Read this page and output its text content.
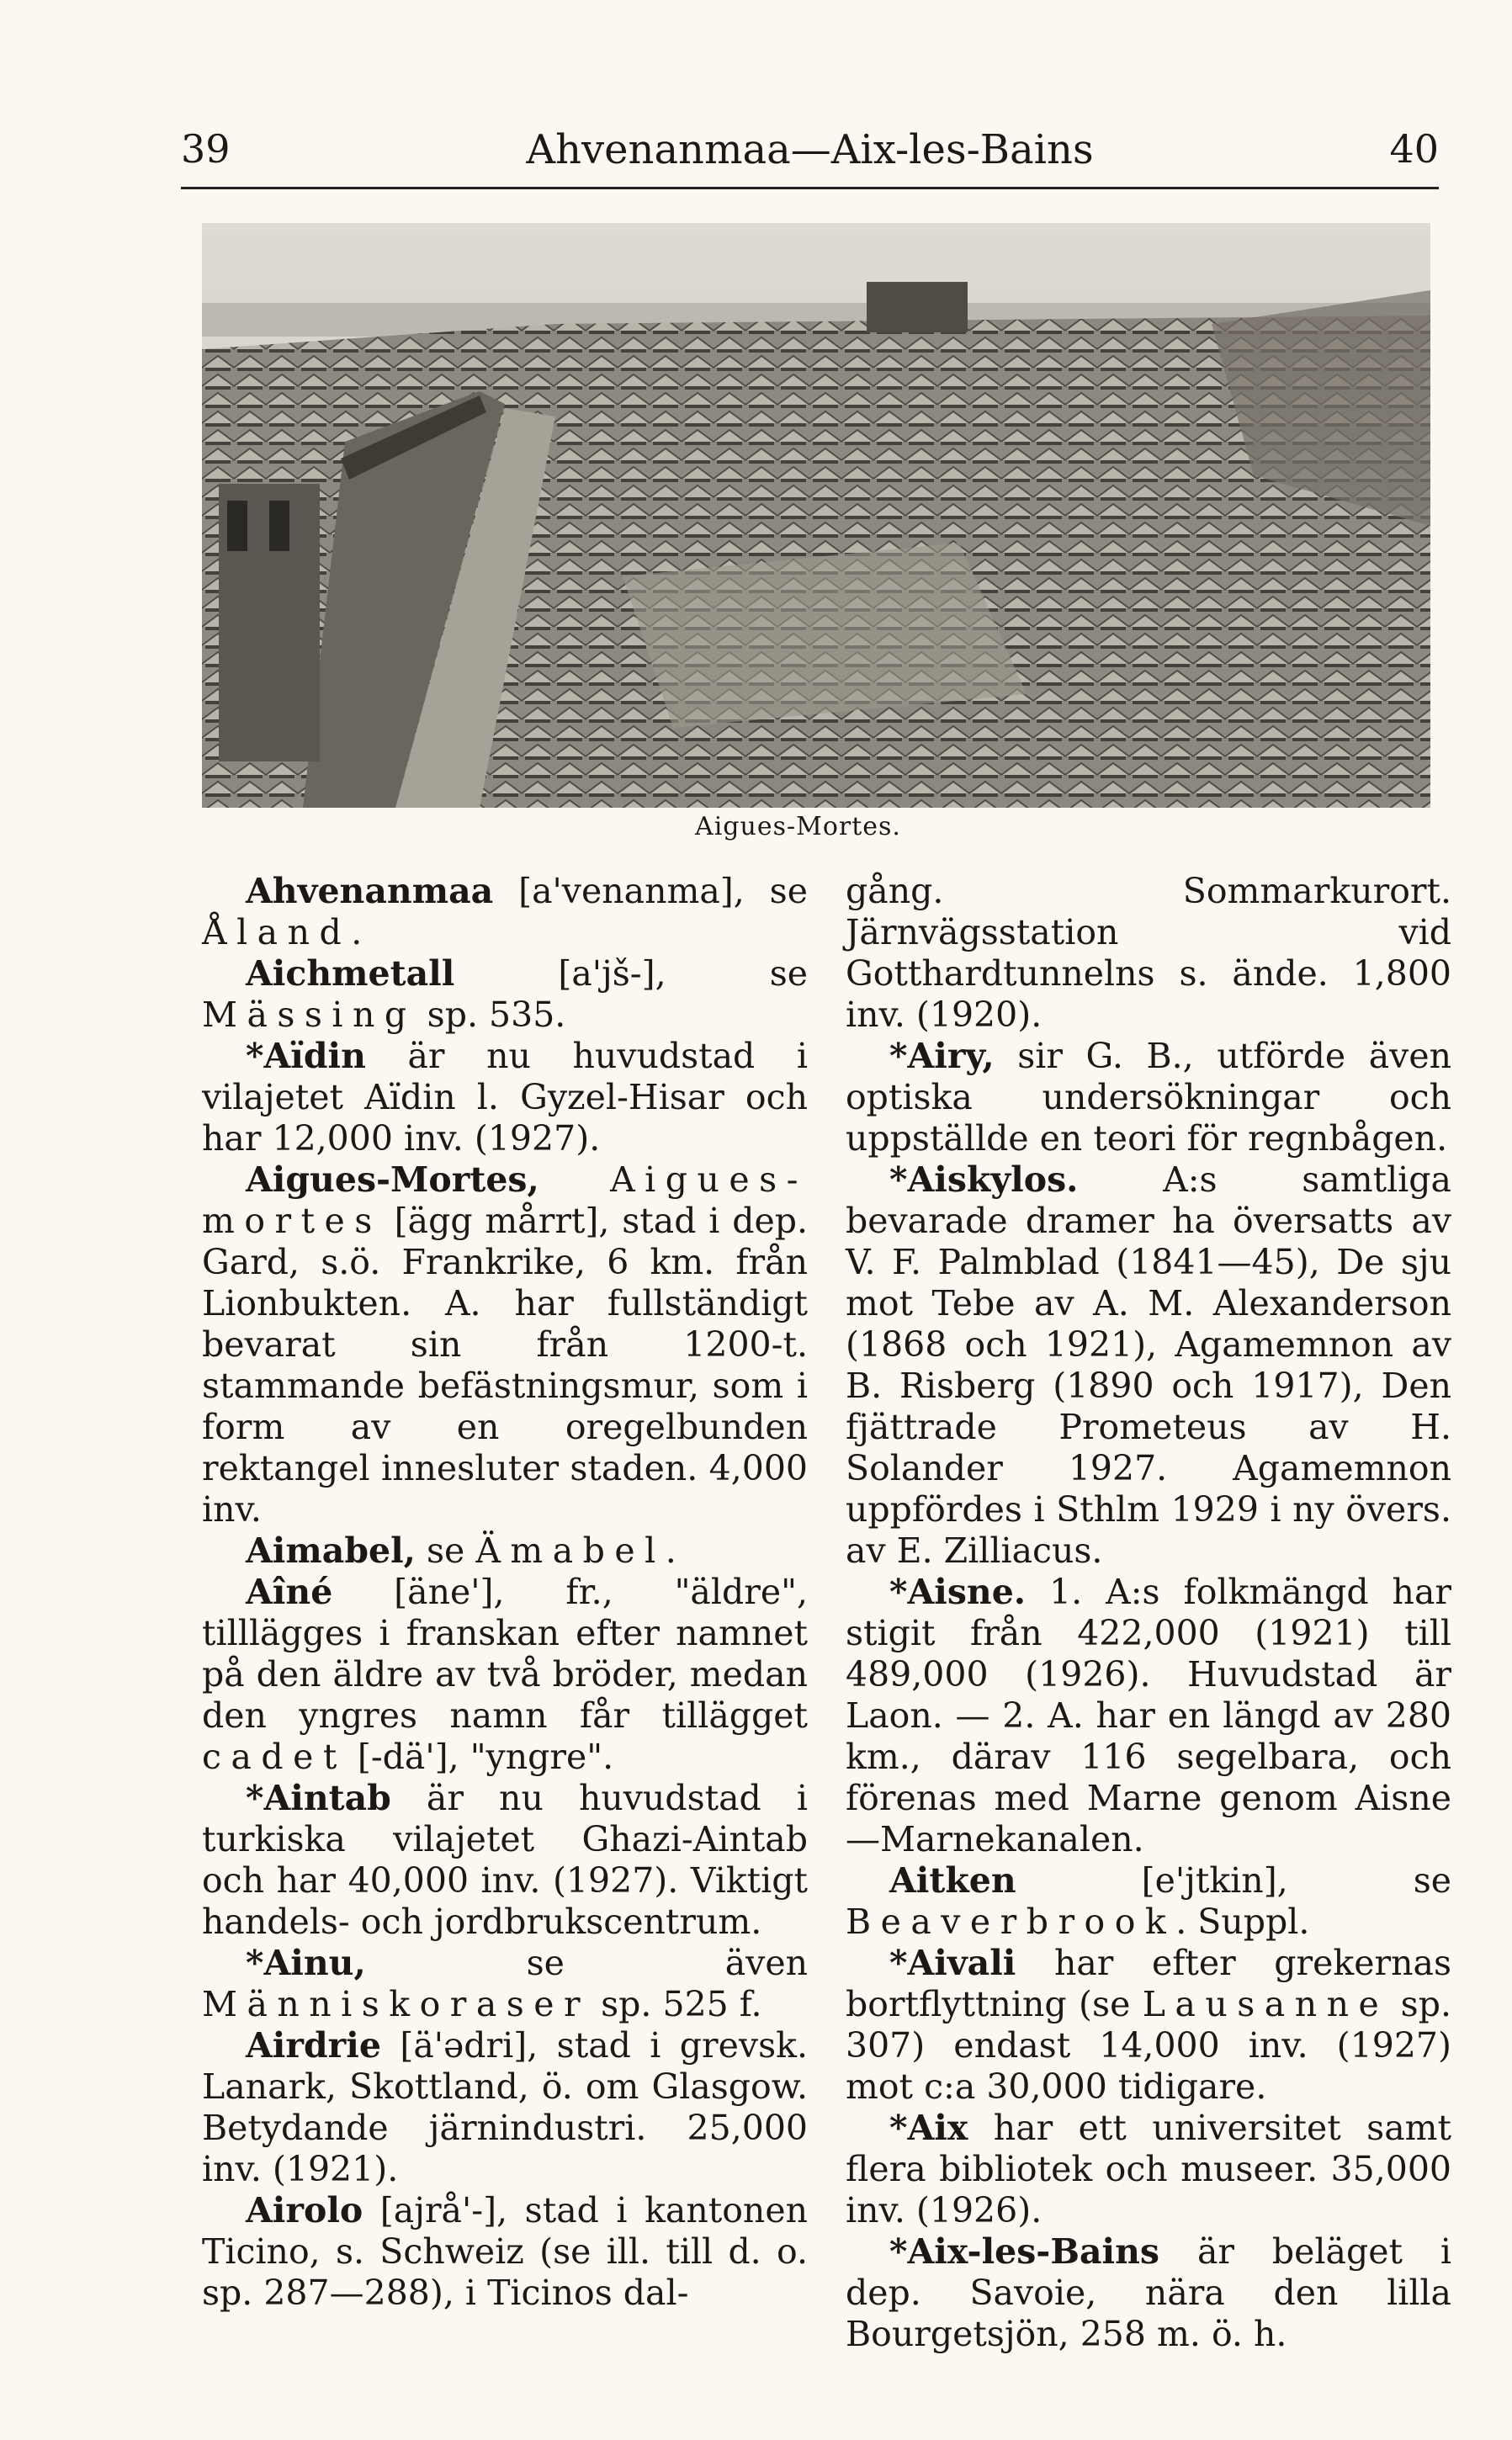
39	Ahvenanmaa—Aix-les-Bains	40
Aigues-Mortes.

Ahvenanmaa [a'venanma], se Åland.

Aichmetall [a'jš-], se Mässing sp. 535.

*Aïdin är nu huvudstad i vilajetet Aïdin l. Gyzel-Hisar och har 12,000 inv. (1927).

Aigues-Mortes, Aigues-mortes [ägg mårrt], stad i dep. Gard, s.ö. Frankrike, 6 km. från Lionbukten. A. har fullständigt bevarat sin från 1200-t. stammande befästningsmur, som i form av en oregelbunden rektangel innesluter staden. 4,000 inv.

Aimabel, se Ämabel.

Aîné [äne'], fr., "äldre", tilllägges i franskan efter namnet på den äldre av två bröder, medan den yngres namn får tillägget cadet [-dä'], "yngre".

*Aintab är nu huvudstad i turkiska vilajetet Ghazi-Aintab och har 40,000 inv. (1927). Viktigt handels- och jordbrukscentrum.

*Ainu, se även Människoraser sp. 525 f.

Airdrie [ä'ədri], stad i grevsk. Lanark, Skottland, ö. om Glasgow. Betydande järnindustri. 25,000 inv. (1921).

Airolo [ajrå'-], stad i kantonen Ticino, s. Schweiz (se ill. till d. o. sp. 287—288), i Ticinos dal-

gång. Sommarkurort. Järnvägsstation vid Gotthardtunnelns s. ände. 1,800 inv. (1920).

*Airy, sir G. B., utförde även optiska undersökningar och uppställde en teori för regnbågen.

*Aiskylos. A:s samtliga bevarade dramer ha översatts av V. F. Palmblad (1841—45), De sju mot Tebe av A. M. Alexanderson (1868 och 1921), Agamemnon av B. Risberg (1890 och 1917), Den fjättrade Prometeus av H. Solander 1927. Agamemnon uppfördes i Sthlm 1929 i ny övers. av E. Zilliacus.

*Aisne. 1. A:s folkmängd har stigit från 422,000 (1921) till 489,000 (1926). Huvudstad är Laon. — 2. A. har en längd av 280 km., därav 116 segelbara, och förenas med Marne genom Aisne —Marnekanalen.

Aitken [e'jtkin], se Beaverbrook. Suppl.

*Aivali har efter grekernas bortflyttning (se Lausanne sp. 307) endast 14,000 inv. (1927) mot c:a 30,000 tidigare.

*Aix har ett universitet samt flera bibliotek och museer. 35,000 inv. (1926).

*Aix-les-Bains är beläget i dep. Savoie, nära den lilla Bourgetsjön, 258 m. ö. h.
